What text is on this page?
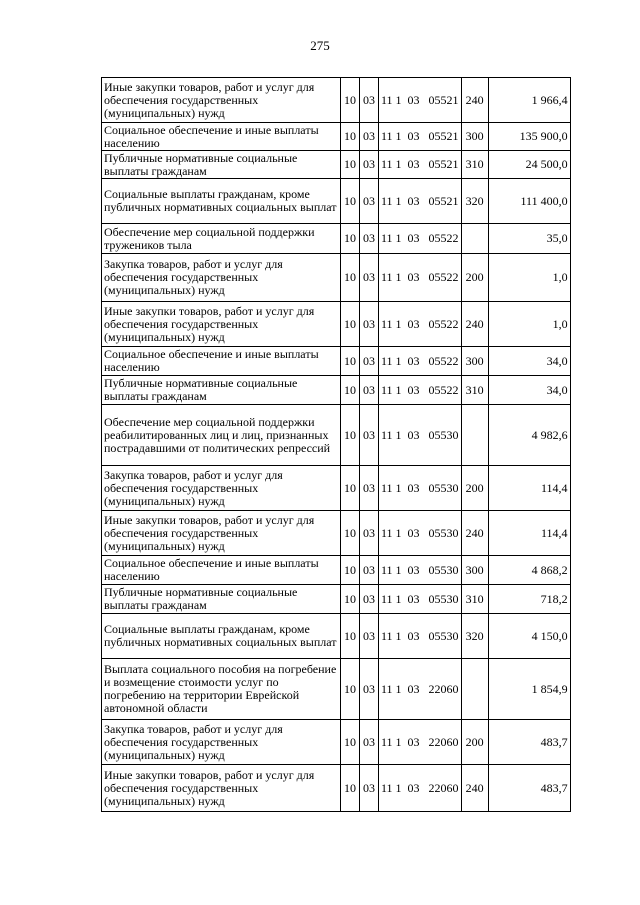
275
Иные закупки товаров, работ и услуг для обеспечения государственных (муниципальных) нужд	10	03	11 1  03   05521	240	1 966,4
Социальное обеспечение и иные выплаты населению	10	03	11 1  03   05521	300	135 900,0
Публичные нормативные социальные выплаты гражданам	10	03	11 1  03   05521	310	24 500,0
Социальные выплаты гражданам, кроме публичных нормативных социальных выплат	10	03	11 1  03   05521	320	111 400,0
Обеспечение мер социальной поддержки тружеников тыла	10	03	11 1  03   05522		35,0
Закупка товаров, работ и услуг для обеспечения государственных (муниципальных) нужд	10	03	11 1  03   05522	200	1,0
Иные закупки товаров, работ и услуг для обеспечения государственных (муниципальных) нужд	10	03	11 1  03   05522	240	1,0
Социальное обеспечение и иные выплаты населению	10	03	11 1  03   05522	300	34,0
Публичные нормативные социальные выплаты гражданам	10	03	11 1  03   05522	310	34,0
Обеспечение мер социальной поддержки реабилитированных лиц и лиц, признанных пострадавшими от политических репрессий	10	03	11 1  03   05530		4 982,6
Закупка товаров, работ и услуг для обеспечения государственных (муниципальных) нужд	10	03	11 1  03   05530	200	114,4
Иные закупки товаров, работ и услуг для обеспечения государственных (муниципальных) нужд	10	03	11 1  03   05530	240	114,4
Социальное обеспечение и иные выплаты населению	10	03	11 1  03   05530	300	4 868,2
Публичные нормативные социальные выплаты гражданам	10	03	11 1  03   05530	310	718,2
Социальные выплаты гражданам, кроме публичных нормативных социальных выплат	10	03	11 1  03   05530	320	4 150,0
Выплата социального пособия на погребение и возмещение стоимости услуг по погребению на территории Еврейской автономной области	10	03	11 1  03   22060		1 854,9
Закупка товаров, работ и услуг для обеспечения государственных (муниципальных) нужд	10	03	11 1  03   22060	200	483,7
Иные закупки товаров, работ и услуг для обеспечения государственных (муниципальных) нужд	10	03	11 1  03   22060	240	483,7
